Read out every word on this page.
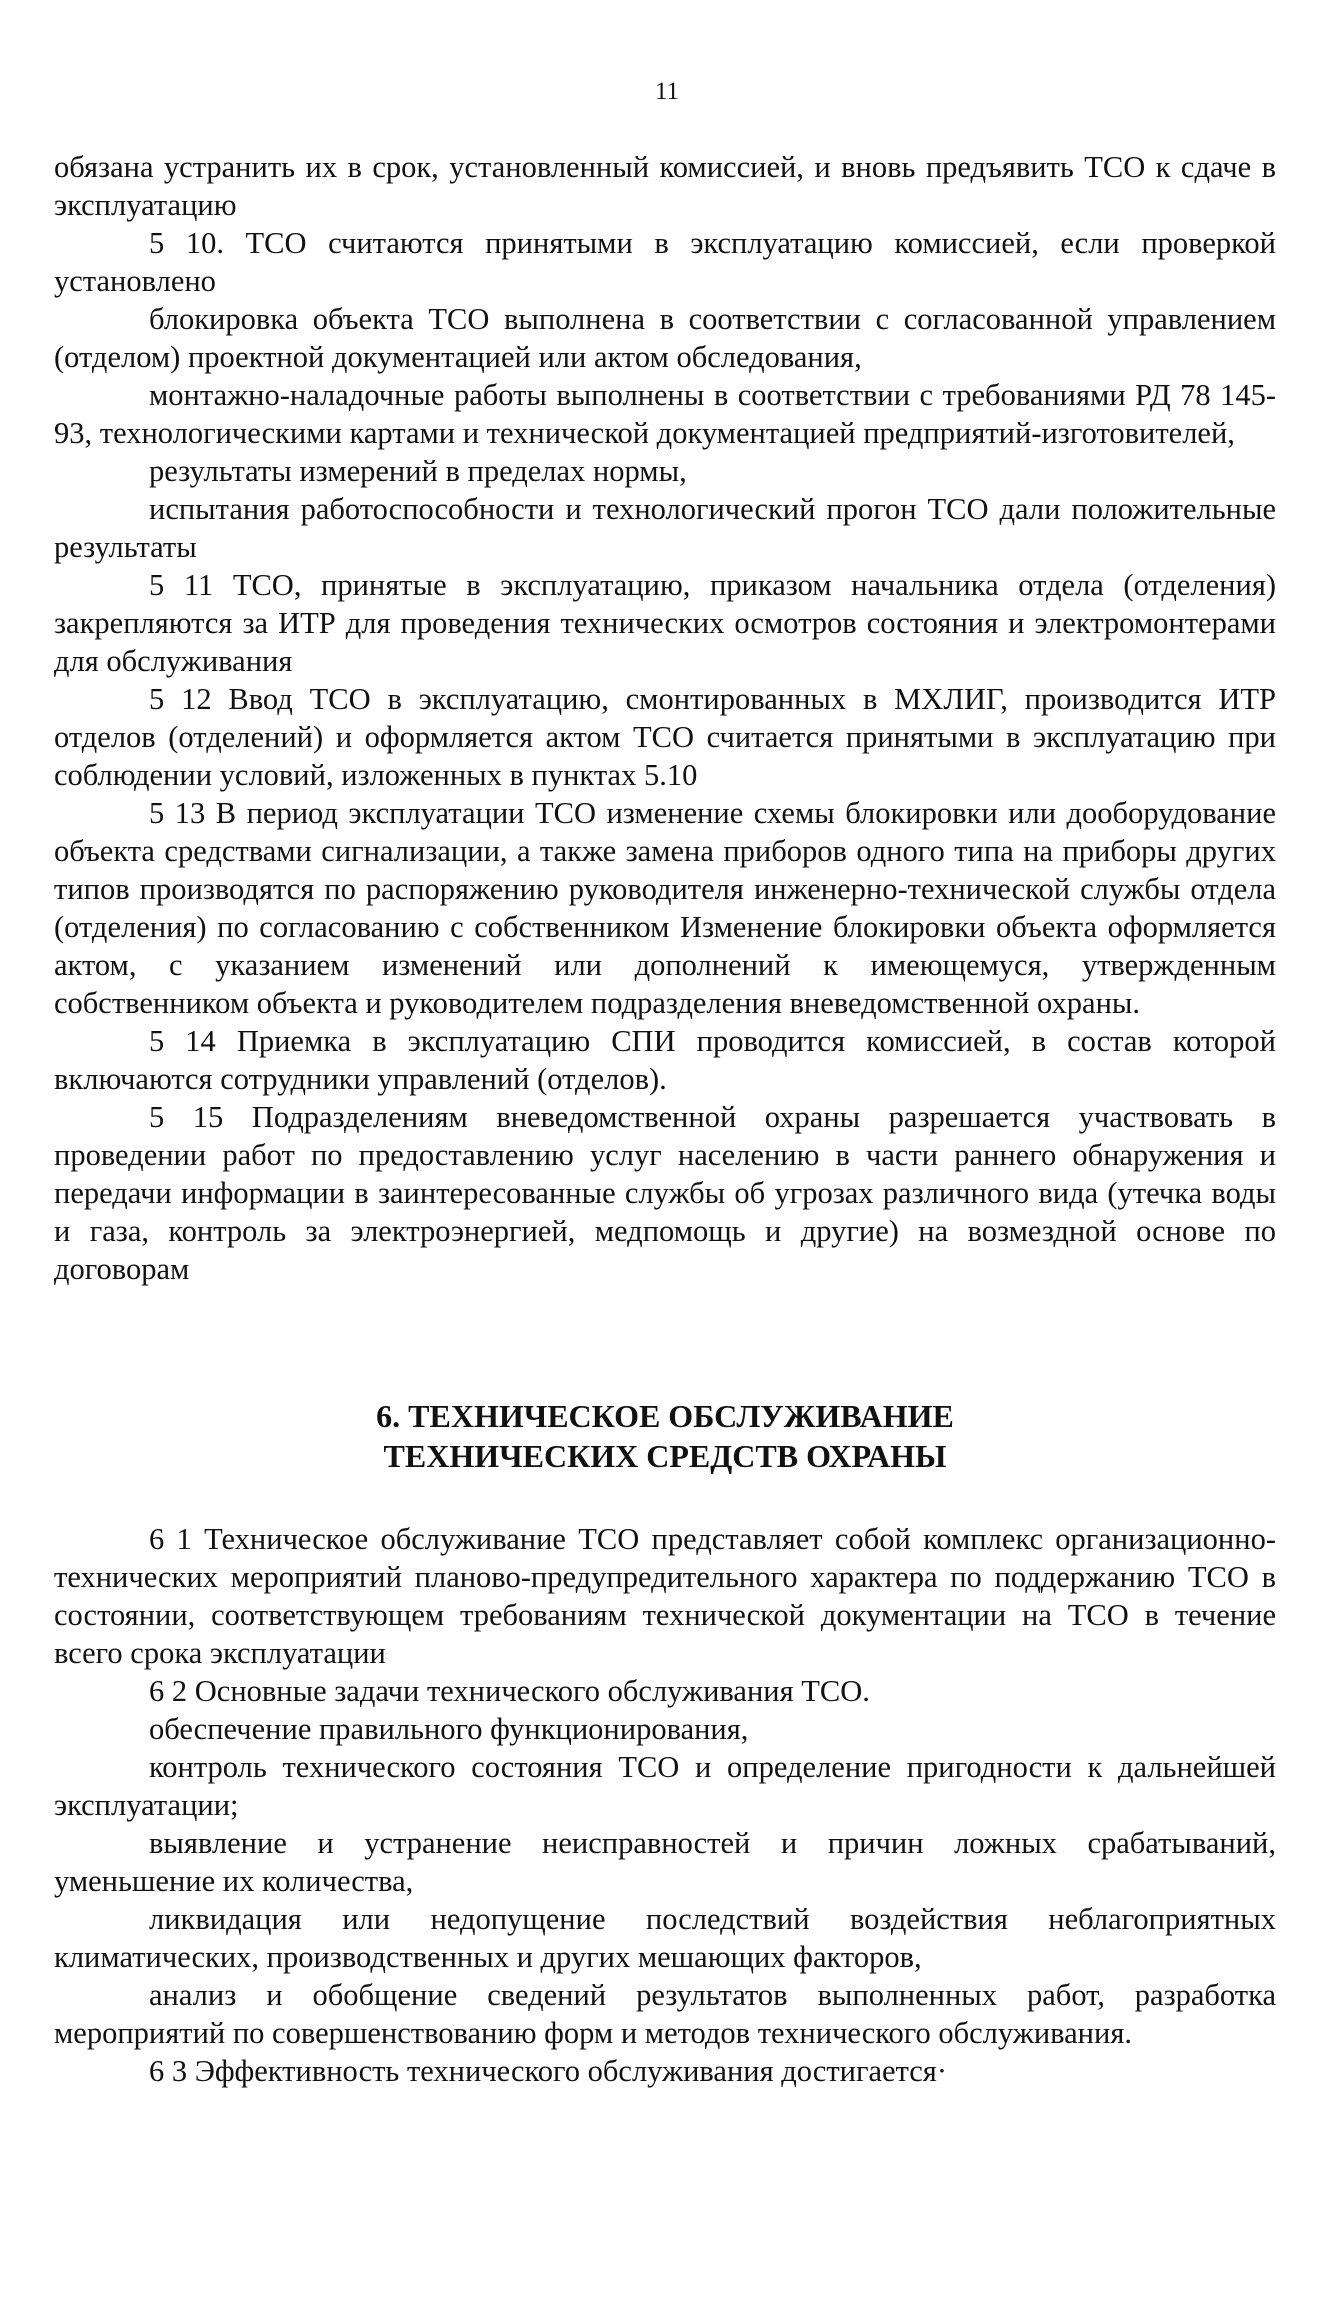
11

обязана устранить их в срок, установленный комиссией, и вновь предъявить ТСО к сдаче в эксплуатацию

5 10. ТСО считаются принятыми в эксплуатацию комиссией, если проверкой установлено

блокировка объекта ТСО выполнена в соответствии с согласованной управлением (отделом) проектной документацией или актом обследования,

монтажно-наладочные работы выполнены в соответствии с требованиями РД 78 145-93, технологическими картами и технической документацией предприятий-изготовителей,

результаты измерений в пределах нормы,

испытания работоспособности и технологический прогон ТСО дали положительные результаты

5 11 ТСО, принятые в эксплуатацию, приказом начальника отдела (отделения) закрепляются за ИТР для проведения технических осмотров состояния и электромонтерами для обслуживания

5 12 Ввод ТСО в эксплуатацию, смонтированных в МХЛИГ, производится ИТР отделов (отделений) и оформляется актом ТСО считается принятыми в эксплуатацию при соблюдении условий, изложенных в пунктах 5.10

5 13 В период эксплуатации ТСО изменение схемы блокировки или дооборудование объекта средствами сигнализации, а также замена приборов одного типа на приборы других типов производятся по распоряжению руководителя инженерно-технической службы отдела (отделения) по согласованию с собственником Изменение блокировки объекта оформляется актом, с указанием изменений или дополнений к имеющемуся, утвержденным собственником объекта и руководителем подразделения вневедомственной охраны.

5 14 Приемка в эксплуатацию СПИ проводится комиссией, в состав которой включаются сотрудники управлений (отделов).

5 15 Подразделениям вневедомственной охраны разрешается участвовать в проведении работ по предоставлению услуг населению в части раннего обнаружения и передачи информации в заинтересованные службы об угрозах различного вида (утечка воды и газа, контроль за электроэнергией, медпомощь и другие) на возмездной основе по договорам

6. ТЕХНИЧЕСКОЕ ОБСЛУЖИВАНИЕ

ТЕХНИЧЕСКИХ СРЕДСТВ ОХРАНЫ

6 1 Техническое обслуживание ТСО представляет собой комплекс организационно-технических мероприятий планово-предупредительного характера по поддержанию ТСО в состоянии, соответствующем требованиям технической документации на ТСО в течение всего срока эксплуатации

6 2 Основные задачи технического обслуживания ТСО.

обеспечение правильного функционирования,

контроль технического состояния ТСО и определение пригодности к дальнейшей эксплуатации;

выявление и устранение неисправностей и причин ложных срабатываний, уменьшение их количества,

ликвидация или недопущение последствий воздействия неблагоприятных климатических, производственных и других мешающих факторов,

анализ и обобщение сведений результатов выполненных работ, разработка мероприятий по совершенствованию форм и методов технического обслуживания.

6 3 Эффективность технического обслуживания достигается·
